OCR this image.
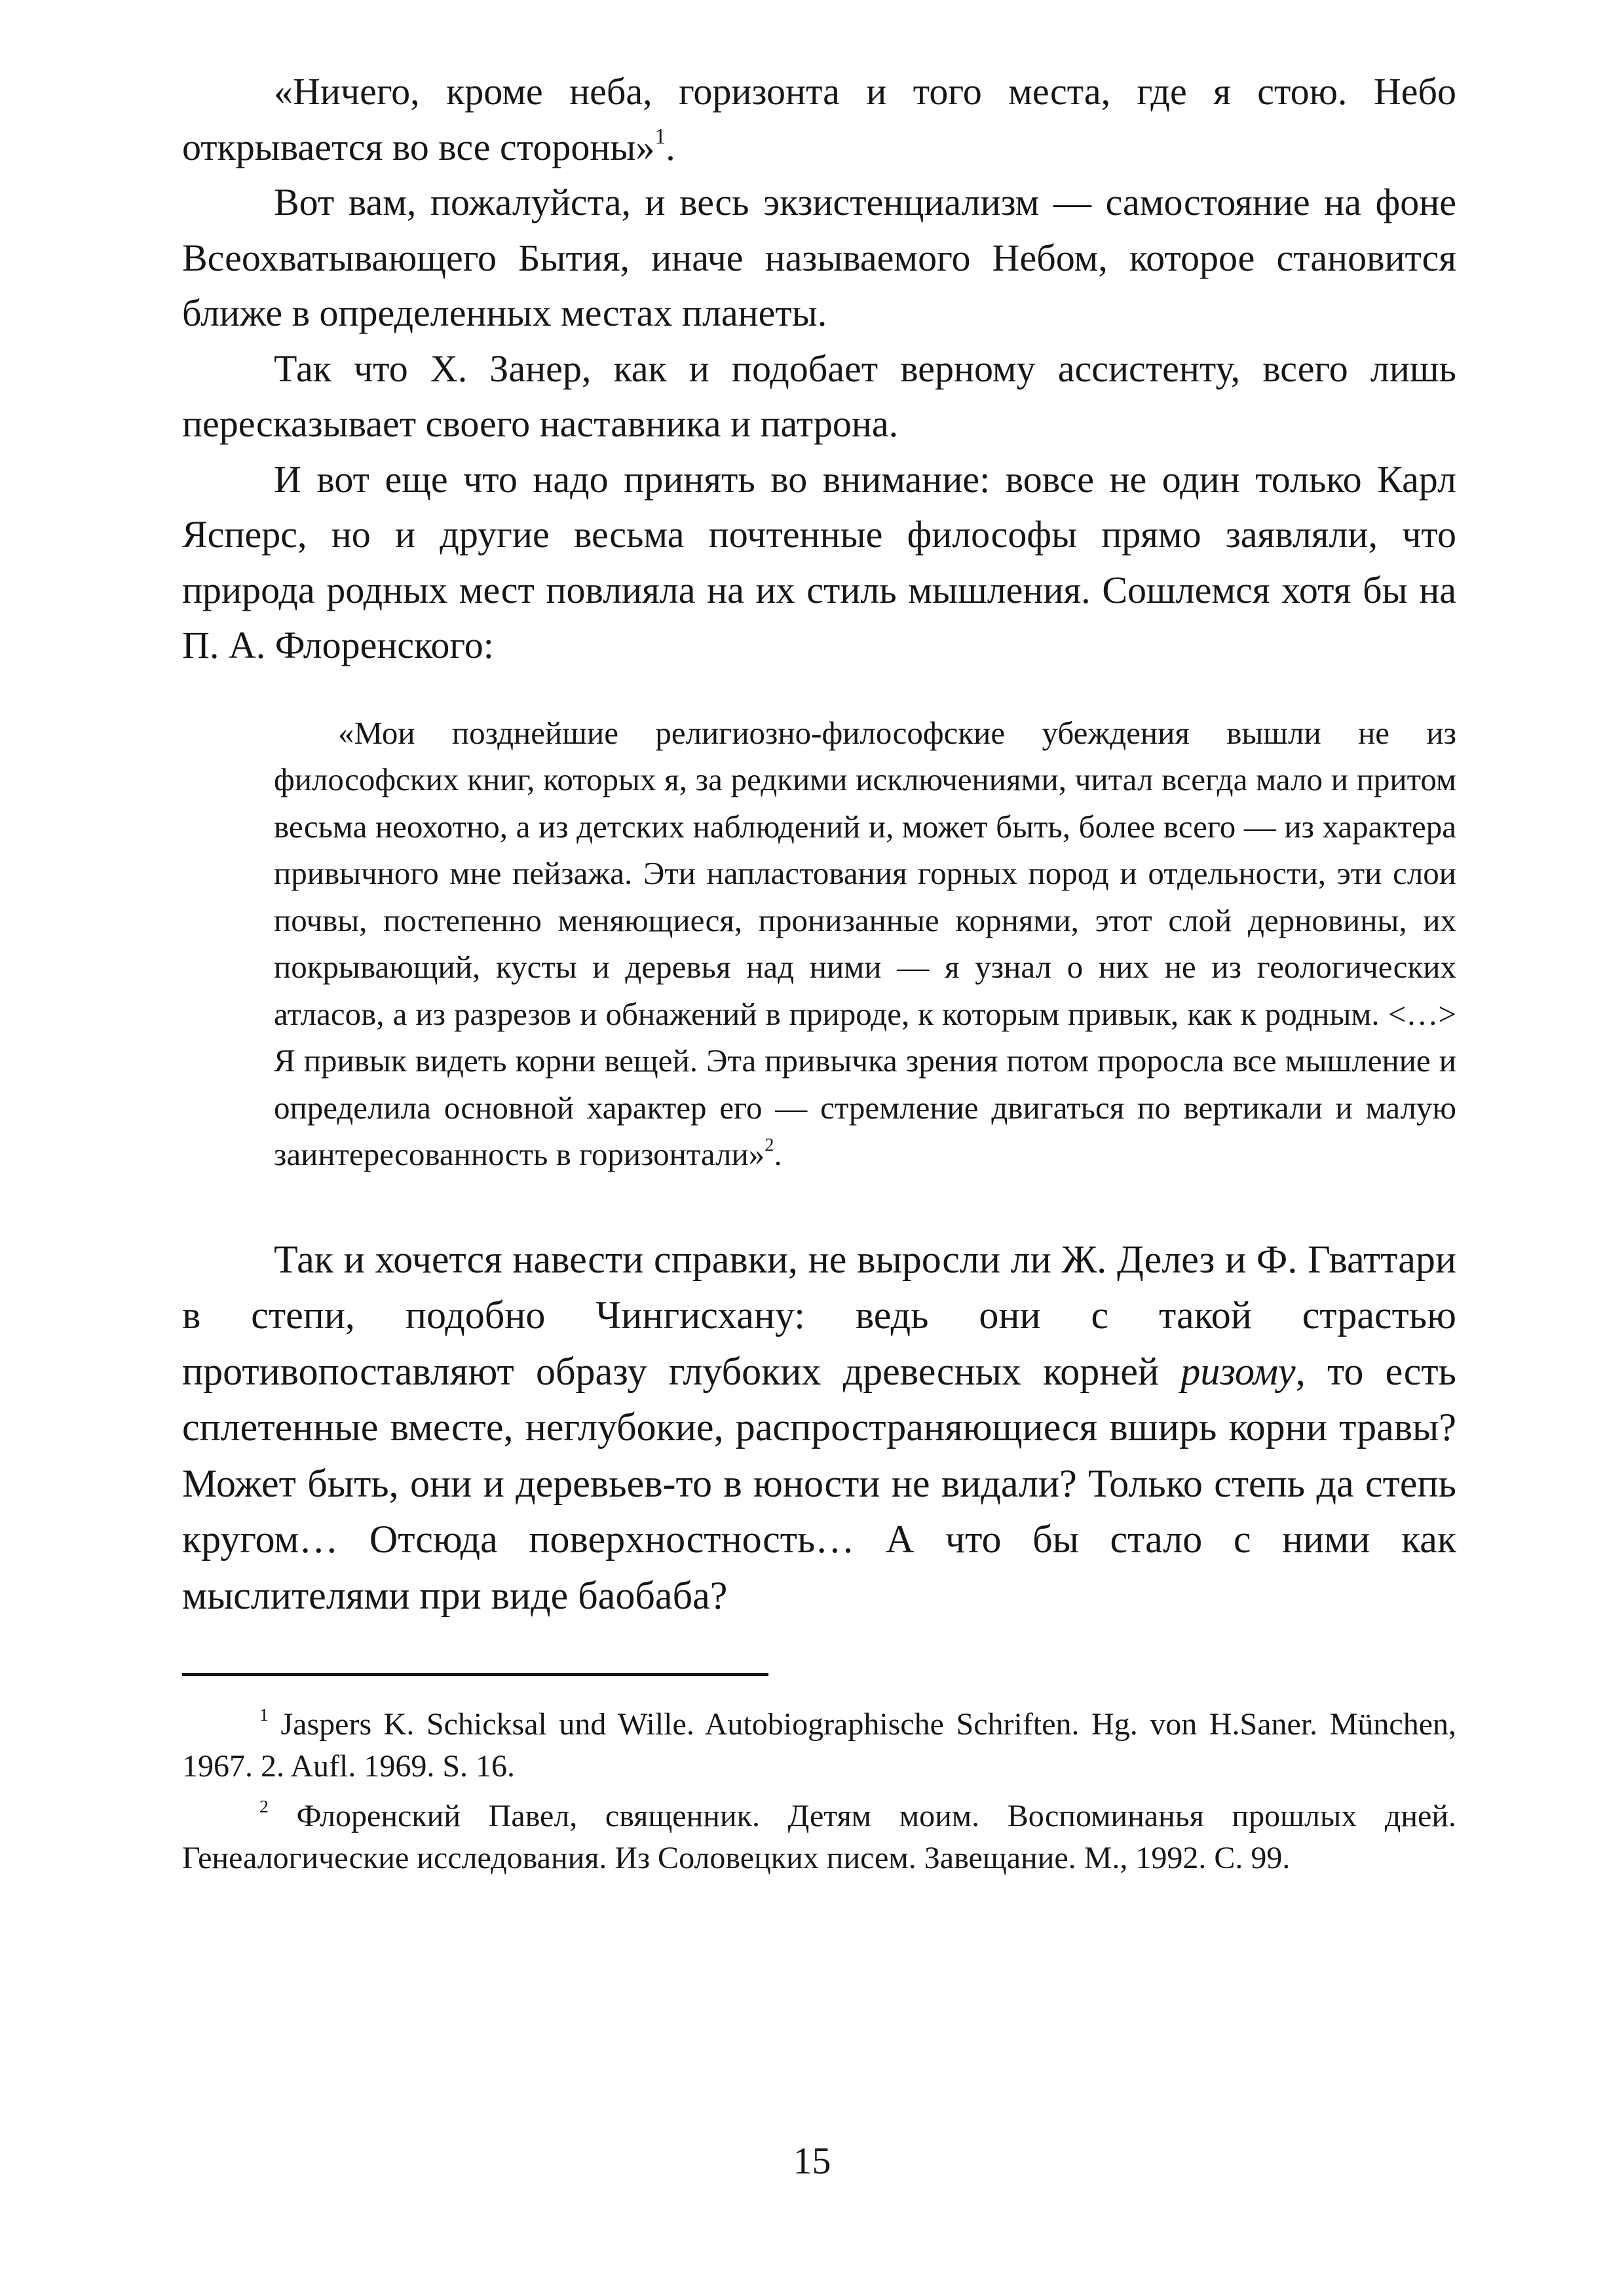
«Ничего, кроме неба, горизонта и того места, где я стою. Небо открывается во все стороны»$^1$.

Вот вам, пожалуйста, и весь экзистенциализм — самостояние на фоне Всеохватывающего Бытия, иначе называемого Небом, которое становится ближе в определенных местах планеты.

Так что Х. Занер, как и подобает верному ассистенту, всего лишь пересказывает своего наставника и патрона.

И вот еще что надо принять во внимание: вовсе не один только Карл Ясперс, но и другие весьма почтенные философы прямо заявляли, что природа родных мест повлияла на их стиль мышления. Сошлемся хотя бы на П. А. Флоренского:

«Мои позднейшие религиозно-философские убеждения вышли не из философских книг, которых я, за редкими исключениями, читал всегда мало и притом весьма неохотно, а из детских наблюдений и, может быть, более всего — из характера привычного мне пейзажа. Эти напластования горных пород и отдельности, эти слои почвы, постепенно меняющиеся, пронизанные корнями, этот слой дерновины, их покрывающий, кусты и деревья над ними — я узнал о них не из геологических атласов, а из разрезов и обнажений в природе, к которым привык, как к родным. <…> Я привык видеть корни вещей. Эта привычка зрения потом проросла все мышление и определила основной характер его — стремление двигаться по вертикали и малую заинтересованность в горизонтали»$^2$.

Так и хочется навести справки, не выросли ли Ж. Делез и Ф. Гваттари в степи, подобно Чингисхану: ведь они с такой страстью противопоставляют образу глубоких древесных корней ризому, то есть сплетенные вместе, неглубокие, распространяющиеся вширь корни травы? Может быть, они и деревьев-то в юности не видали? Только степь да степь кругом… Отсюда поверхностность… А что бы стало с ними как мыслителями при виде баобаба?

$^1$ Jaspers K. Schicksal und Wille. Autobiographische Schriften. Hg. von H.Saner. München, 1967. 2. Aufl. 1969. S. 16.

$^2$ Флоренский Павел, священник. Детям моим. Воспоминанья прошлых дней. Генеалогические исследования. Из Соловецких писем. Завещание. М., 1992. С. 99.

15
